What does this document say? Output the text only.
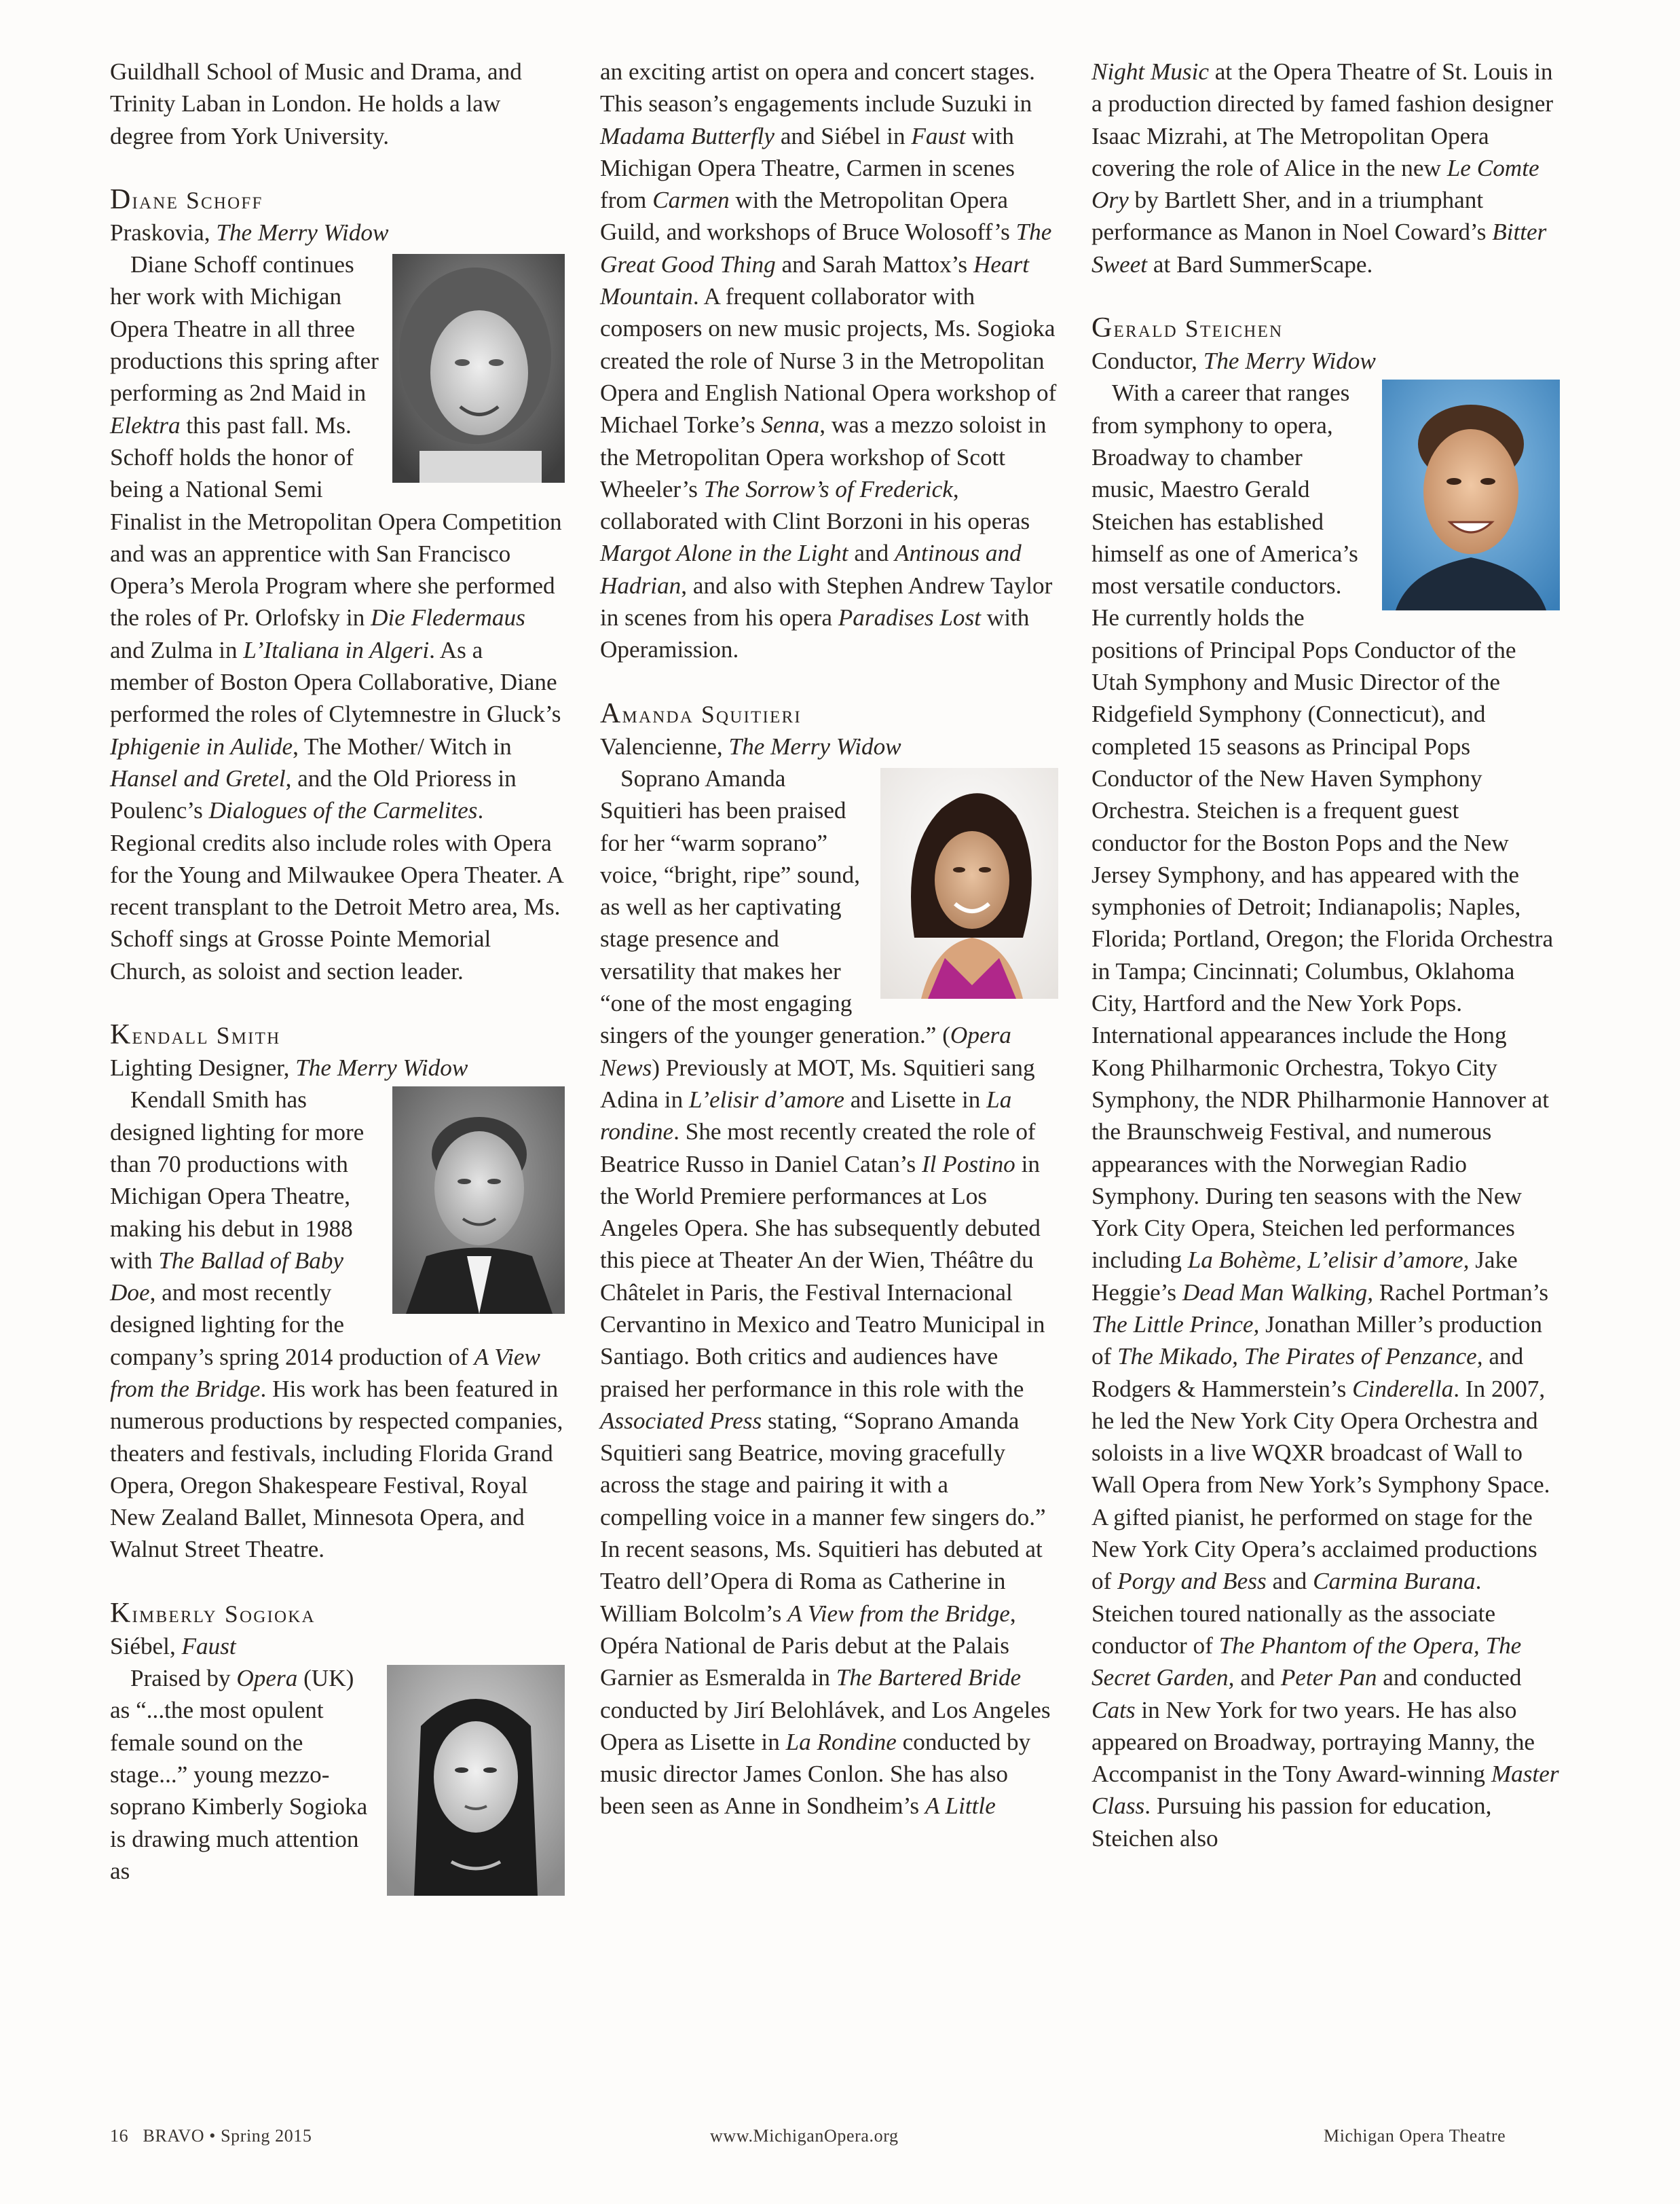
Guildhall School of Music and Drama, and Trinity Laban in London. He holds a law degree from York University.

Diane Schoff

Praskovia, The Merry Widow

Diane Schoff continues her work with Michigan Opera Theatre in all three productions this spring after performing as 2nd Maid in Elektra this past fall. Ms. Schoff holds the honor of being a National Semi Finalist in the Metropolitan Opera Competition and was an apprentice with San Francisco Opera’s Merola Program where she performed the roles of Pr. Orlofsky in Die Fledermaus and Zulma in L’Italiana in Algeri. As a member of Boston Opera Collaborative, Diane performed the roles of Clytemnestre in Gluck’s Iphigenie in Aulide, The Mother/ Witch in Hansel and Gretel, and the Old Prioress in Poulenc’s Dialogues of the Carmelites. Regional credits also include roles with Opera for the Young and Milwaukee Opera Theater. A recent transplant to the Detroit Metro area, Ms. Schoff sings at Grosse Pointe Memorial Church, as soloist and section leader.

Kendall Smith

Lighting Designer, The Merry Widow

Kendall Smith has designed lighting for more than 70 productions with Michigan Opera Theatre, making his debut in 1988 with The Ballad of Baby Doe, and most recently designed lighting for the company’s spring 2014 production of A View from the Bridge. His work has been featured in numerous productions by respected companies, theaters and festivals, including Florida Grand Opera, Oregon Shakespeare Festival, Royal New Zealand Ballet, Minnesota Opera, and Walnut Street Theatre.

Kimberly Sogioka

Siébel, Faust

Praised by Opera (UK) as “...the most opulent female sound on the stage...” young mezzo-soprano Kimberly Sogioka is drawing much attention as

an exciting artist on opera and concert stages. This season’s engagements include Suzuki in Madama Butterfly and Siébel in Faust with Michigan Opera Theatre, Carmen in scenes from Carmen with the Metropolitan Opera Guild, and workshops of Bruce Wolosoff’s The Great Good Thing and Sarah Mattox’s Heart Mountain. A frequent collaborator with composers on new music projects, Ms. Sogioka created the role of Nurse 3 in the Metropolitan Opera and English National Opera workshop of Michael Torke’s Senna, was a mezzo soloist in the Metropolitan Opera workshop of Scott Wheeler’s The Sorrow’s of Frederick, collaborated with Clint Borzoni in his operas Margot Alone in the Light and Antinous and Hadrian, and also with Stephen Andrew Taylor in scenes from his opera Paradises Lost with Operamission.

Amanda Squitieri

Valencienne, The Merry Widow

Soprano Amanda Squitieri has been praised for her “warm soprano” voice, “bright, ripe” sound, as well as her captivating stage presence and versatility that makes her “one of the most engaging singers of the younger generation.” (Opera News) Previously at MOT, Ms. Squitieri sang Adina in L’elisir d’amore and Lisette in La rondine. She most recently created the role of Beatrice Russo in Daniel Catan’s Il Postino in the World Premiere performances at Los Angeles Opera. She has subsequently debuted this piece at Theater An der Wien, Théâtre du Châtelet in Paris, the Festival Internacional Cervantino in Mexico and Teatro Municipal in Santiago. Both critics and audiences have praised her performance in this role with the Associated Press stating, “Soprano Amanda Squitieri sang Beatrice, moving gracefully across the stage and pairing it with a compelling voice in a manner few singers do.” In recent seasons, Ms. Squitieri has debuted at Teatro dell’Opera di Roma as Catherine in William Bolcolm’s A View from the Bridge, Opéra National de Paris debut at the Palais Garnier as Esmeralda in The Bartered Bride conducted by Jirí Belohlávek, and Los Angeles Opera as Lisette in La Rondine conducted by music director James Conlon. She has also been seen as Anne in Sondheim’s A Little

Night Music at the Opera Theatre of St. Louis in a production directed by famed fashion designer Isaac Mizrahi, at The Metropolitan Opera covering the role of Alice in the new Le Comte Ory by Bartlett Sher, and in a triumphant performance as Manon in Noel Coward’s Bitter Sweet at Bard SummerScape.

Gerald Steichen

Conductor, The Merry Widow

With a career that ranges from symphony to opera, Broadway to chamber music, Maestro Gerald Steichen has established himself as one of America’s most versatile conductors. He currently holds the positions of Principal Pops Conductor of the Utah Symphony and Music Director of the Ridgefield Symphony (Connecticut), and completed 15 seasons as Principal Pops Conductor of the New Haven Symphony Orchestra. Steichen is a frequent guest conductor for the Boston Pops and the New Jersey Symphony, and has appeared with the symphonies of Detroit; Indianapolis; Naples, Florida; Portland, Oregon; the Florida Orchestra in Tampa; Cincinnati; Columbus, Oklahoma City, Hartford and the New York Pops. International appearances include the Hong Kong Philharmonic Orchestra, Tokyo City Symphony, the NDR Philharmonie Hannover at the Braunschweig Festival, and numerous appearances with the Norwegian Radio Symphony. During ten seasons with the New York City Opera, Steichen led performances including La Bohème, L’elisir d’amore, Jake Heggie’s Dead Man Walking, Rachel Portman’s The Little Prince, Jonathan Miller’s production of The Mikado, The Pirates of Penzance, and Rodgers & Hammerstein’s Cinderella. In 2007, he led the New York City Opera Orchestra and soloists in a live WQXR broadcast of Wall to Wall Opera from New York’s Symphony Space. A gifted pianist, he performed on stage for the New York City Opera’s acclaimed productions of Porgy and Bess and Carmina Burana. Steichen toured nationally as the associate conductor of The Phantom of the Opera, The Secret Garden, and Peter Pan and conducted Cats in New York for two years. He has also appeared on Broadway, portraying Manny, the Accompanist in the Tony Award-winning Master Class. Pursuing his passion for education, Steichen also

16   BRAVO • Spring 2015	www.MichiganOpera.org	Michigan Opera Theatre
